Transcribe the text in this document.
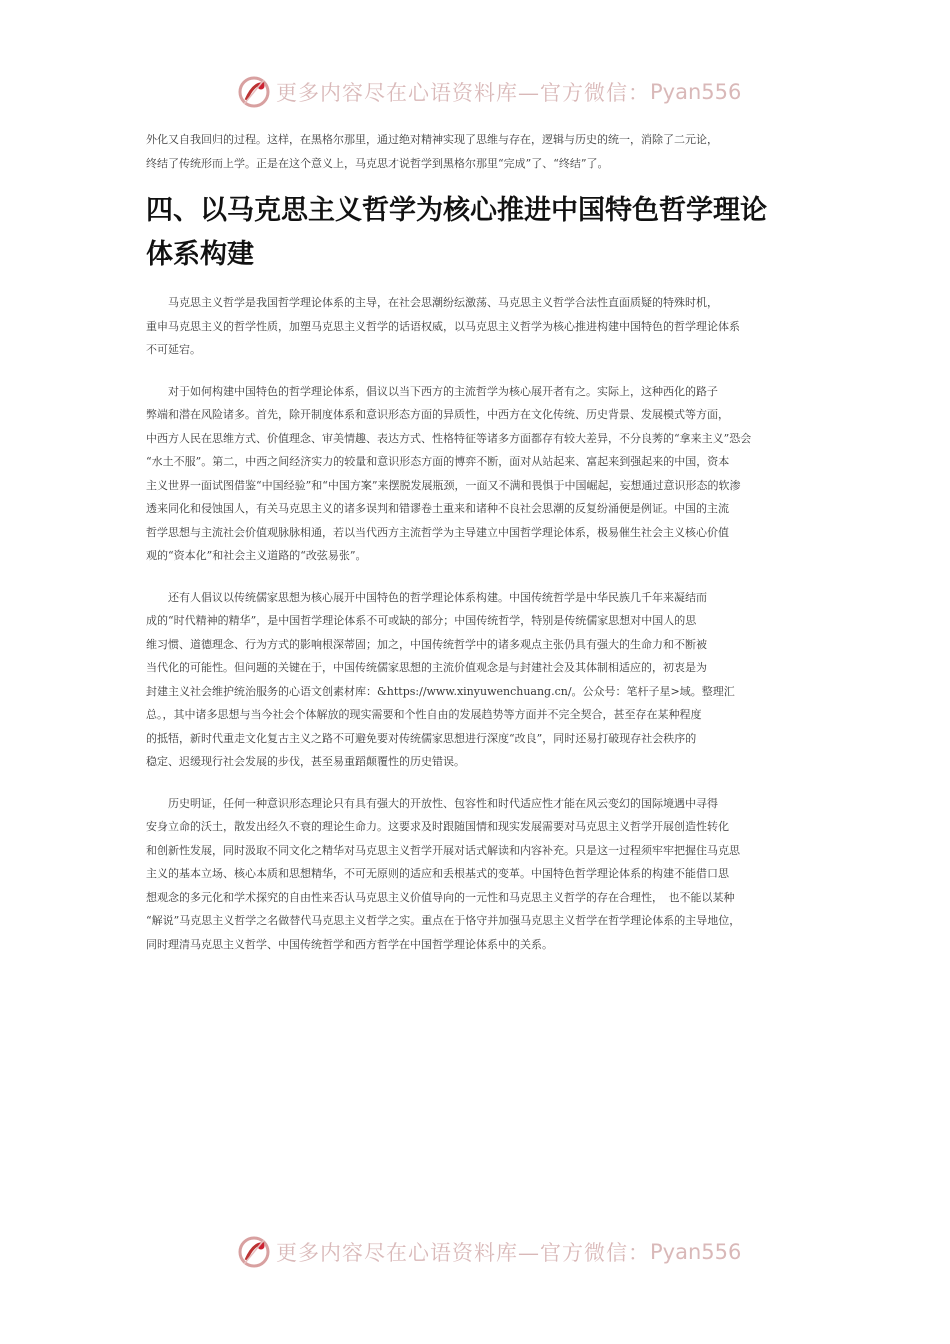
更多内容尽在心语资料库—官方微信： Pyan556
外化又自我回归的过程。这样，在黑格尔那里，通过绝对精神实现了思维与存在，逻辑与历史的统一，消除了二元论，
终结了传统形而上学。正是在这个意义上，马克思才说哲学到黑格尔那里“完成”了、“终结”了。
四、以马克思主义哲学为核心推进中国特色哲学理论
体系构建
　　马克思主义哲学是我国哲学理论体系的主导，在社会思潮纷纭激荡、马克思主义哲学合法性直面质疑的特殊时机，
重申马克思主义的哲学性质，加塑马克思主义哲学的话语权威，以马克思主义哲学为核心推进构建中国特色的哲学理论体系
不可延宕。
　　对于如何构建中国特色的哲学理论体系，倡议以当下西方的主流哲学为核心展开者有之。实际上，这种西化的路子
弊端和潜在风险诸多。首先，除开制度体系和意识形态方面的异质性，中西方在文化传统、历史背景、发展模式等方面，
中西方人民在思维方式、价值理念、审美情趣、表达方式、性格特征等诸多方面都存有较大差异，不分良莠的“拿来主义”恐会
“水土不服”。第二，中西之间经济实力的较量和意识形态方面的博弈不断，面对从站起来、富起来到强起来的中国，资本
主义世界一面试图借鉴“中国经验”和“中国方案”来摆脱发展瓶颈，一面又不满和畏惧于中国崛起，妄想通过意识形态的软渗
透来同化和侵蚀国人，有关马克思主义的诸多误判和错谬卷土重来和诸种不良社会思潮的反复纷涌便是例证。中国的主流
哲学思想与主流社会价值观脉脉相通，若以当代西方主流哲学为主导建立中国哲学理论体系，极易催生社会主义核心价值
观的“资本化”和社会主义道路的“改弦易张”。
　　还有人倡议以传统儒家思想为核心展开中国特色的哲学理论体系构建。中国传统哲学是中华民族几千年来凝结而
成的“时代精神的精华”，是中国哲学理论体系不可或缺的部分；中国传统哲学，特别是传统儒家思想对中国人的思
维习惯、道德理念、行为方式的影响根深蒂固；加之，中国传统哲学中的诸多观点主张仍具有强大的生命力和不断被
当代化的可能性。但问题的关键在于，中国传统儒家思想的主流价值观念是与封建社会及其体制相适应的，初衷是为
封建主义社会维护统治服务的心语文创素材库：&https://www.xinyuwenchuang.cn/。公众号：笔杆子星>域。整理汇
总。，其中诸多思想与当今社会个体解放的现实需要和个性自由的发展趋势等方面并不完全契合，甚至存在某种程度
的抵牾，新时代重走文化复古主义之路不可避免要对传统儒家思想进行深度“改良”，同时还易打破现存社会秩序的
稳定、迟缓现行社会发展的步伐，甚至易重蹈颠覆性的历史错误。
　　历史明证，任何一种意识形态理论只有具有强大的开放性、包容性和时代适应性才能在风云变幻的国际境遇中寻得
安身立命的沃土，散发出经久不衰的理论生命力。这要求及时跟随国情和现实发展需要对马克思主义哲学开展创造性转化
和创新性发展，同时汲取不同文化之精华对马克思主义哲学开展对话式解读和内容补充。只是这一过程须牢牢把握住马克思
主义的基本立场、核心本质和思想精华，不可无原则的适应和丢根基式的变革。中国特色哲学理论体系的构建不能借口思
想观念的多元化和学术探究的自由性来否认马克思主义价值导向的一元性和马克思主义哲学的存在合理性，　也不能以某种
“解说”马克思主义哲学之名做替代马克思主义哲学之实。重点在于恪守并加强马克思主义哲学在哲学理论体系的主导地位，
同时理清马克思主义哲学、中国传统哲学和西方哲学在中国哲学理论体系中的关系。
更多内容尽在心语资料库—官方微信： Pyan556
